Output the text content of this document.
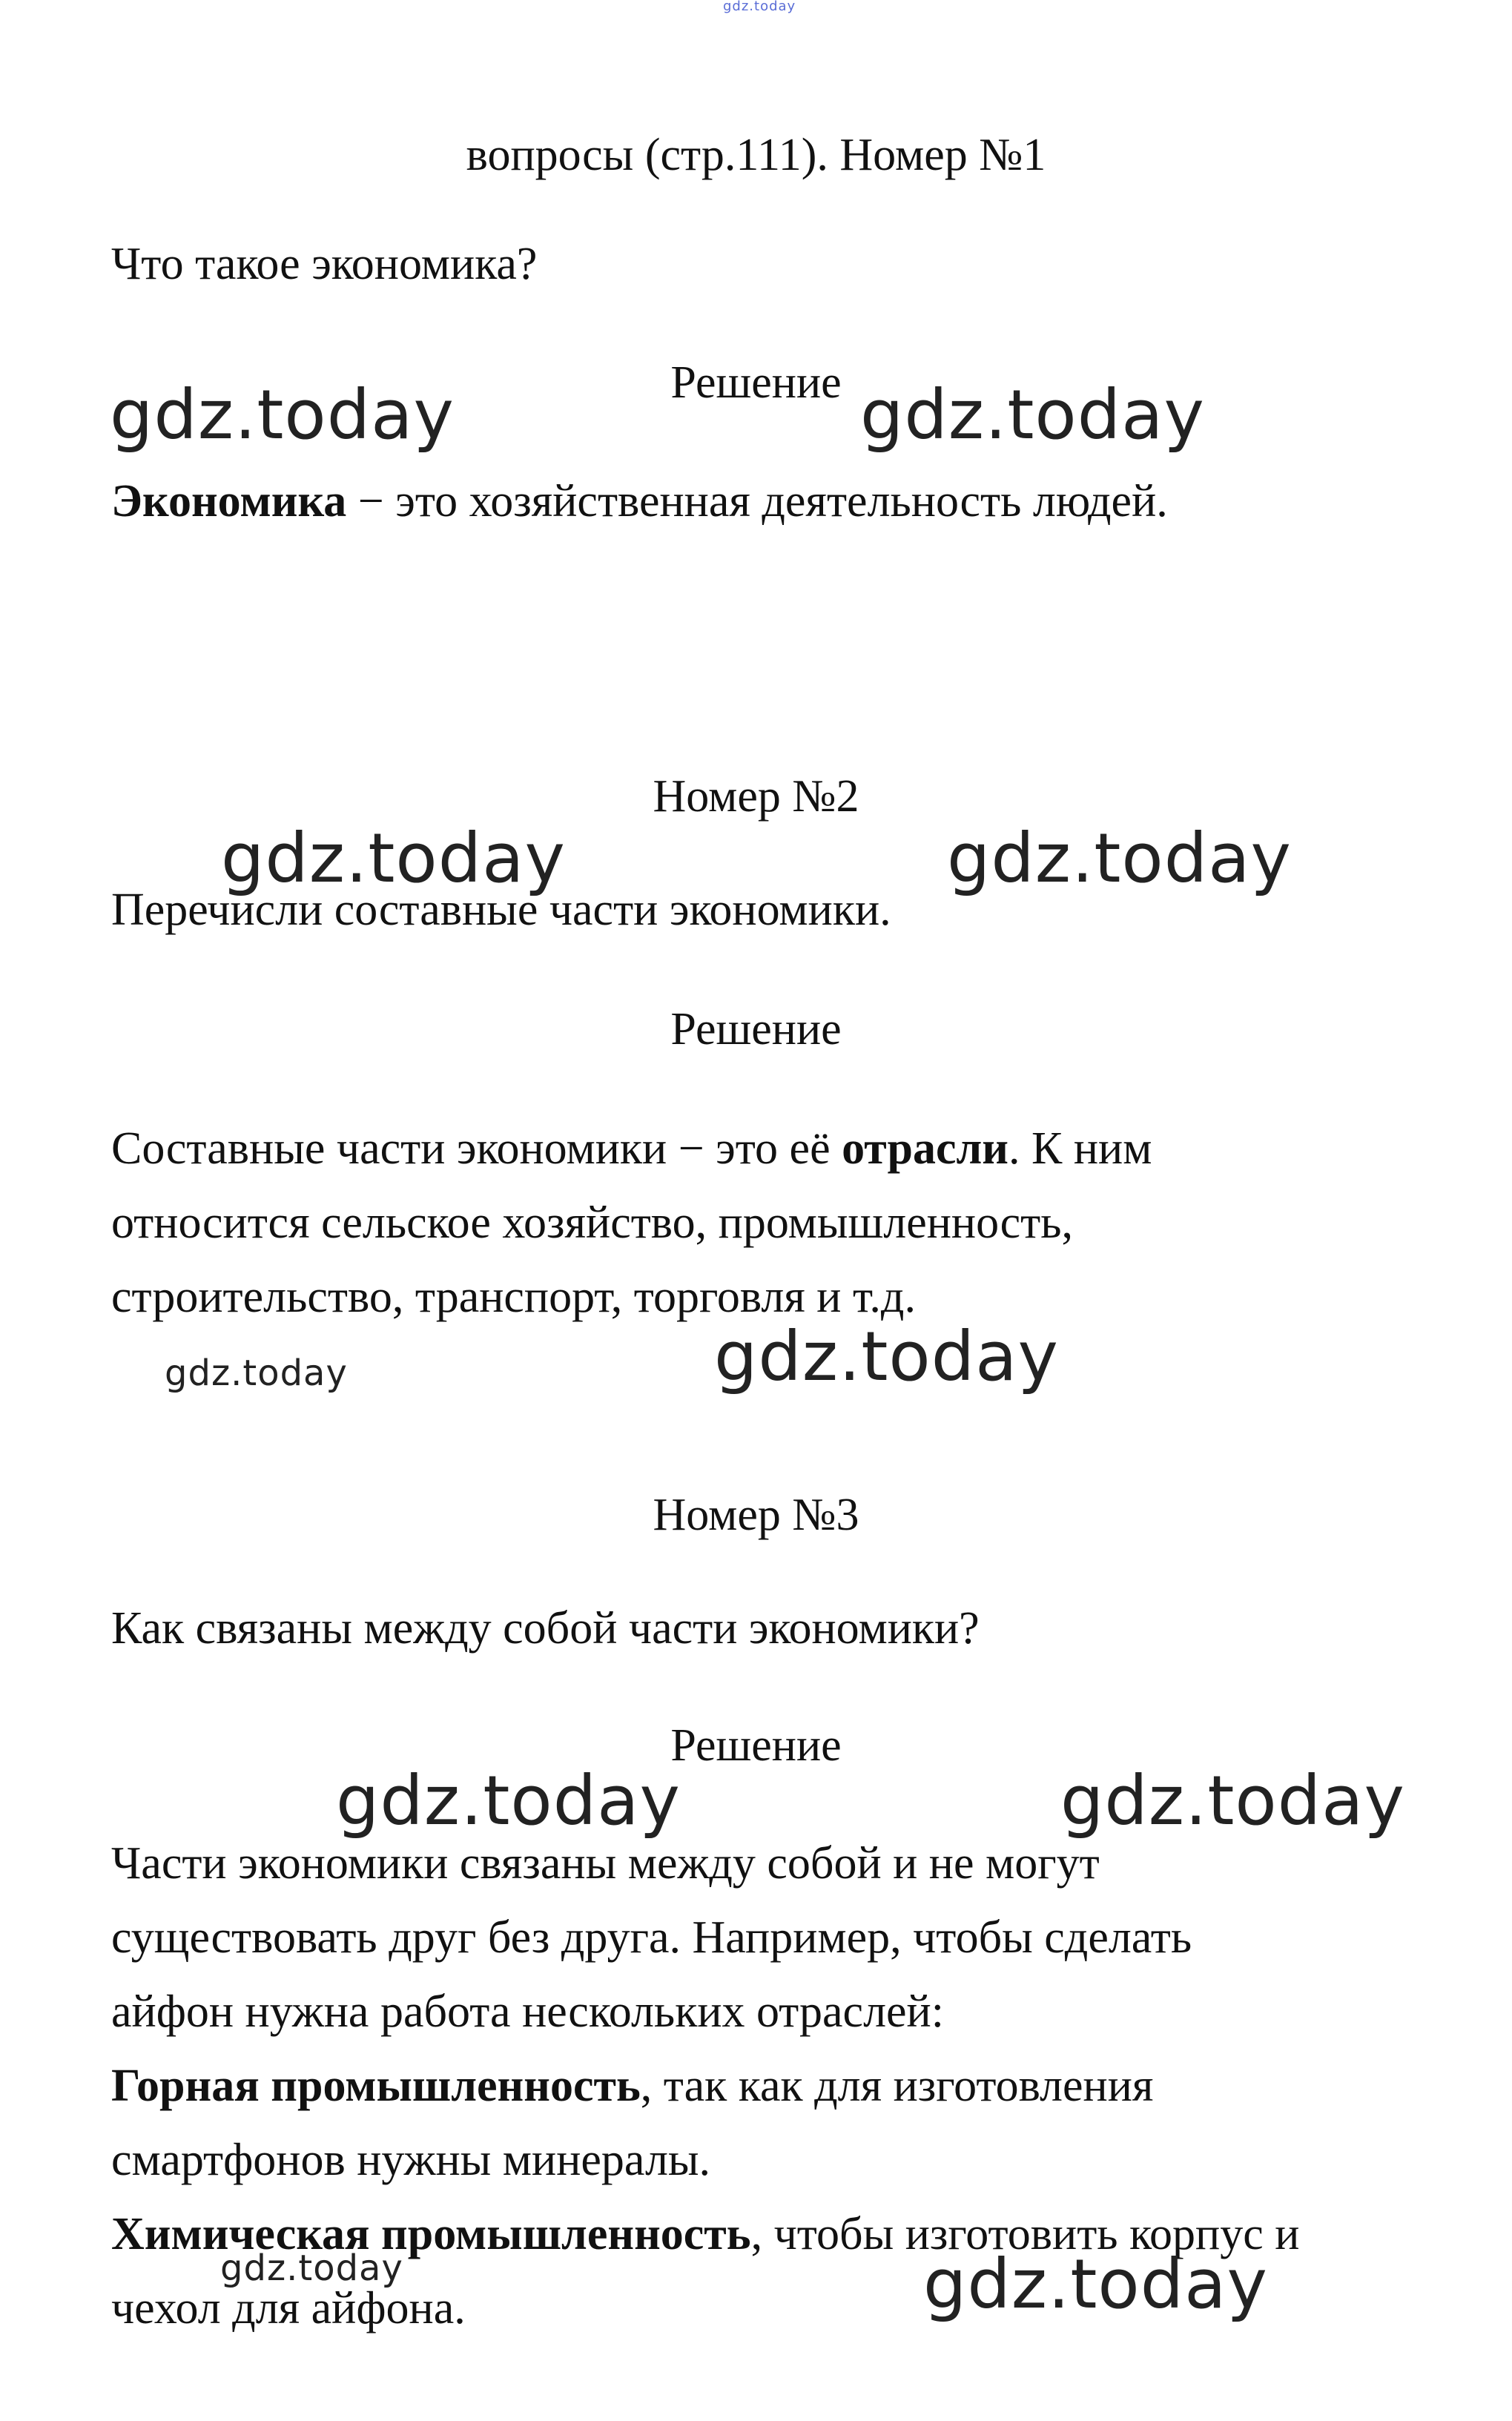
gdz.today

вопросы (стр.111). Номер №1

Что такое экономика?

Решение

gdz.today	gdz.today

Экономика − это хозяйственная деятельность людей.

Номер №2

gdz.today	gdz.today

Перечисли составные части экономики.

Решение

Составные части экономики − это её отрасли. К ним

относится сельское хозяйство, промышленность,

строительство, транспорт, торговля и т.д.

gdz.today	gdz.today

Номер №3

Как связаны между собой части экономики?

Решение

gdz.today	gdz.today

Части экономики связаны между собой и не могут

существовать друг без друга. Например, чтобы сделать

айфон нужна работа нескольких отраслей:

Горная промышленность, так как для изготовления

смартфонов нужны минералы.

Химическая промышленность, чтобы изготовить корпус и

gdz.today

чехол для айфона.	gdz.today
